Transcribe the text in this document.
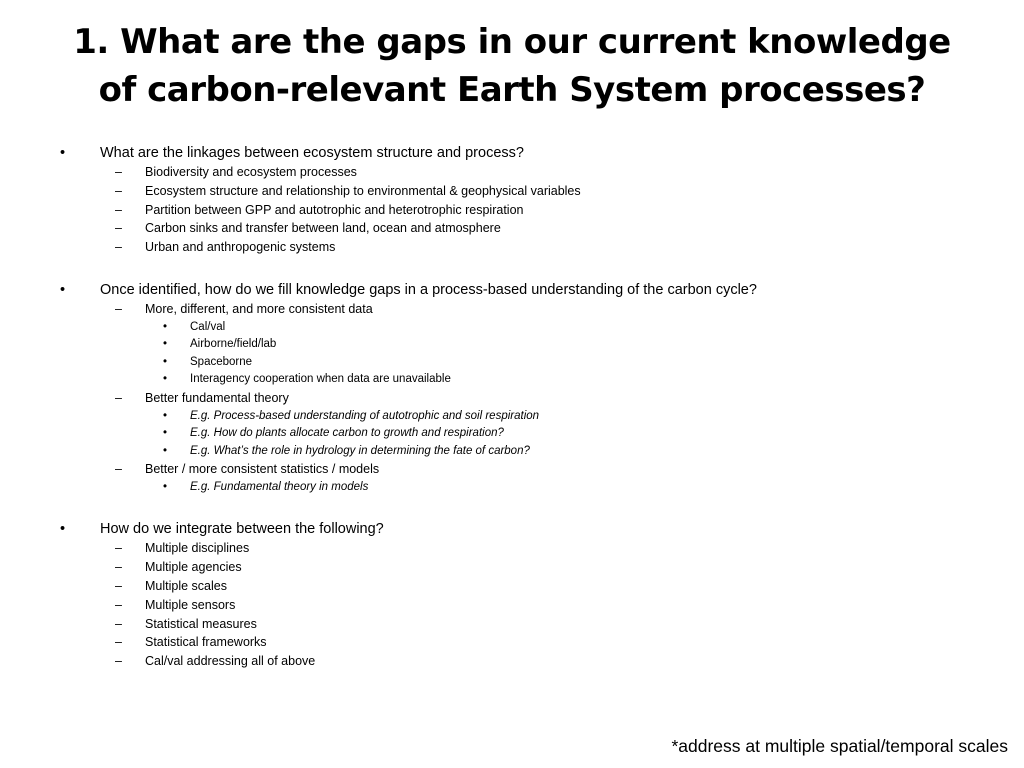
1. What are the gaps in our current knowledge
of carbon-relevant Earth System processes?
• What are the linkages between ecosystem structure and process?
– Biodiversity and ecosystem processes
– Ecosystem structure and relationship to environmental & geophysical variables
– Partition between GPP and autotrophic and heterotrophic respiration
– Carbon sinks and transfer between land, ocean and atmosphere
– Urban and anthropogenic systems
• Once identified, how do we fill knowledge gaps in a process-based understanding of the carbon cycle?
– More, different, and more consistent data
• Cal/val
• Airborne/field/lab
• Spaceborne
• Interagency cooperation when data are unavailable
– Better fundamental theory
• E.g. Process-based understanding of autotrophic and soil respiration
• E.g. How do plants allocate carbon to growth and respiration?
• E.g. What’s the role in hydrology in determining the fate of carbon?
– Better / more consistent statistics / models
• E.g. Fundamental theory in models
• How do we integrate between the following?
– Multiple disciplines
– Multiple agencies
– Multiple scales
– Multiple sensors
– Statistical measures
– Statistical frameworks
– Cal/val addressing all of above
*address at multiple spatial/temporal scales
